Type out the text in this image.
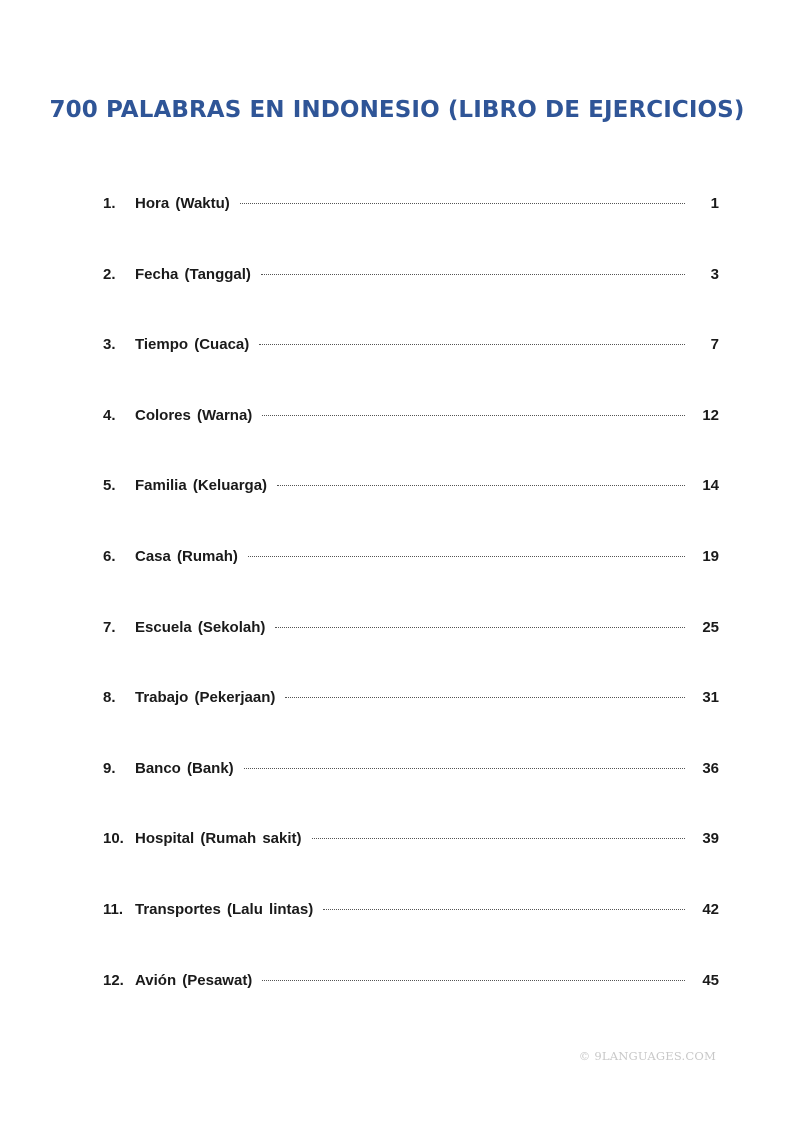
700 PALABRAS EN INDONESIO (LIBRO DE EJERCICIOS)
1.	Hora (Waktu)	1
2.	Fecha (Tanggal)	3
3.	Tiempo (Cuaca)	7
4.	Colores (Warna)	12
5.	Familia (Keluarga)	14
6.	Casa (Rumah)	19
7.	Escuela (Sekolah)	25
8.	Trabajo (Pekerjaan)	31
9.	Banco (Bank)	36
10. Hospital (Rumah sakit)	39
11. Transportes (Lalu lintas)	42
12. Avión (Pesawat)	45
© 9LANGUAGES.COM
